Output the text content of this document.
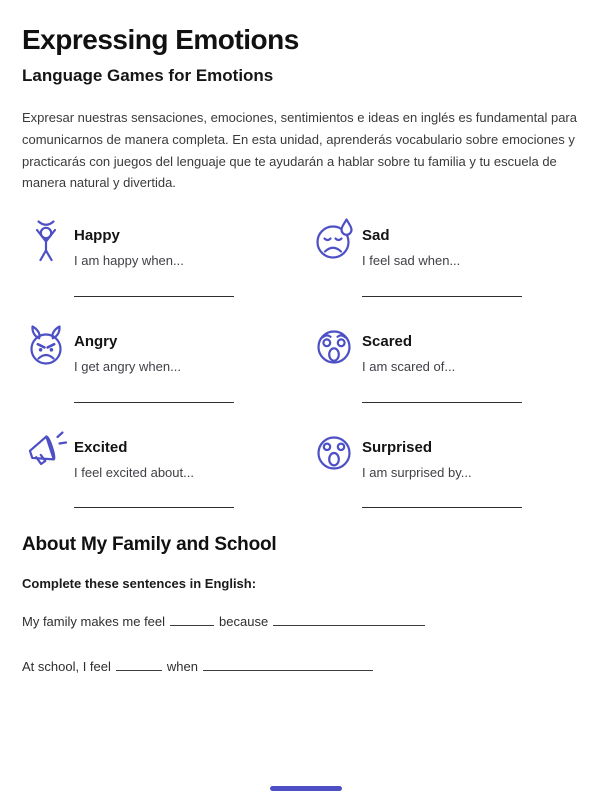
Expressing Emotions
Language Games for Emotions

Expresar nuestras sensaciones, emociones, sentimientos e ideas en inglés es fundamental para comunicarnos de manera completa. En esta unidad, aprenderás vocabulario sobre emociones y practicarás con juegos del lenguaje que te ayudarán a hablar sobre tu familia y tu escuela de manera natural y divertida.

Happy
I am happy when...
Sad
I feel sad when...
Angry
I get angry when...
Scared
I am scared of...
Excited
I feel excited about...
Surprised
I am surprised by...
About My Family and School
Complete these sentences in English:
My family makes me feel	because
At school, I feel	when
